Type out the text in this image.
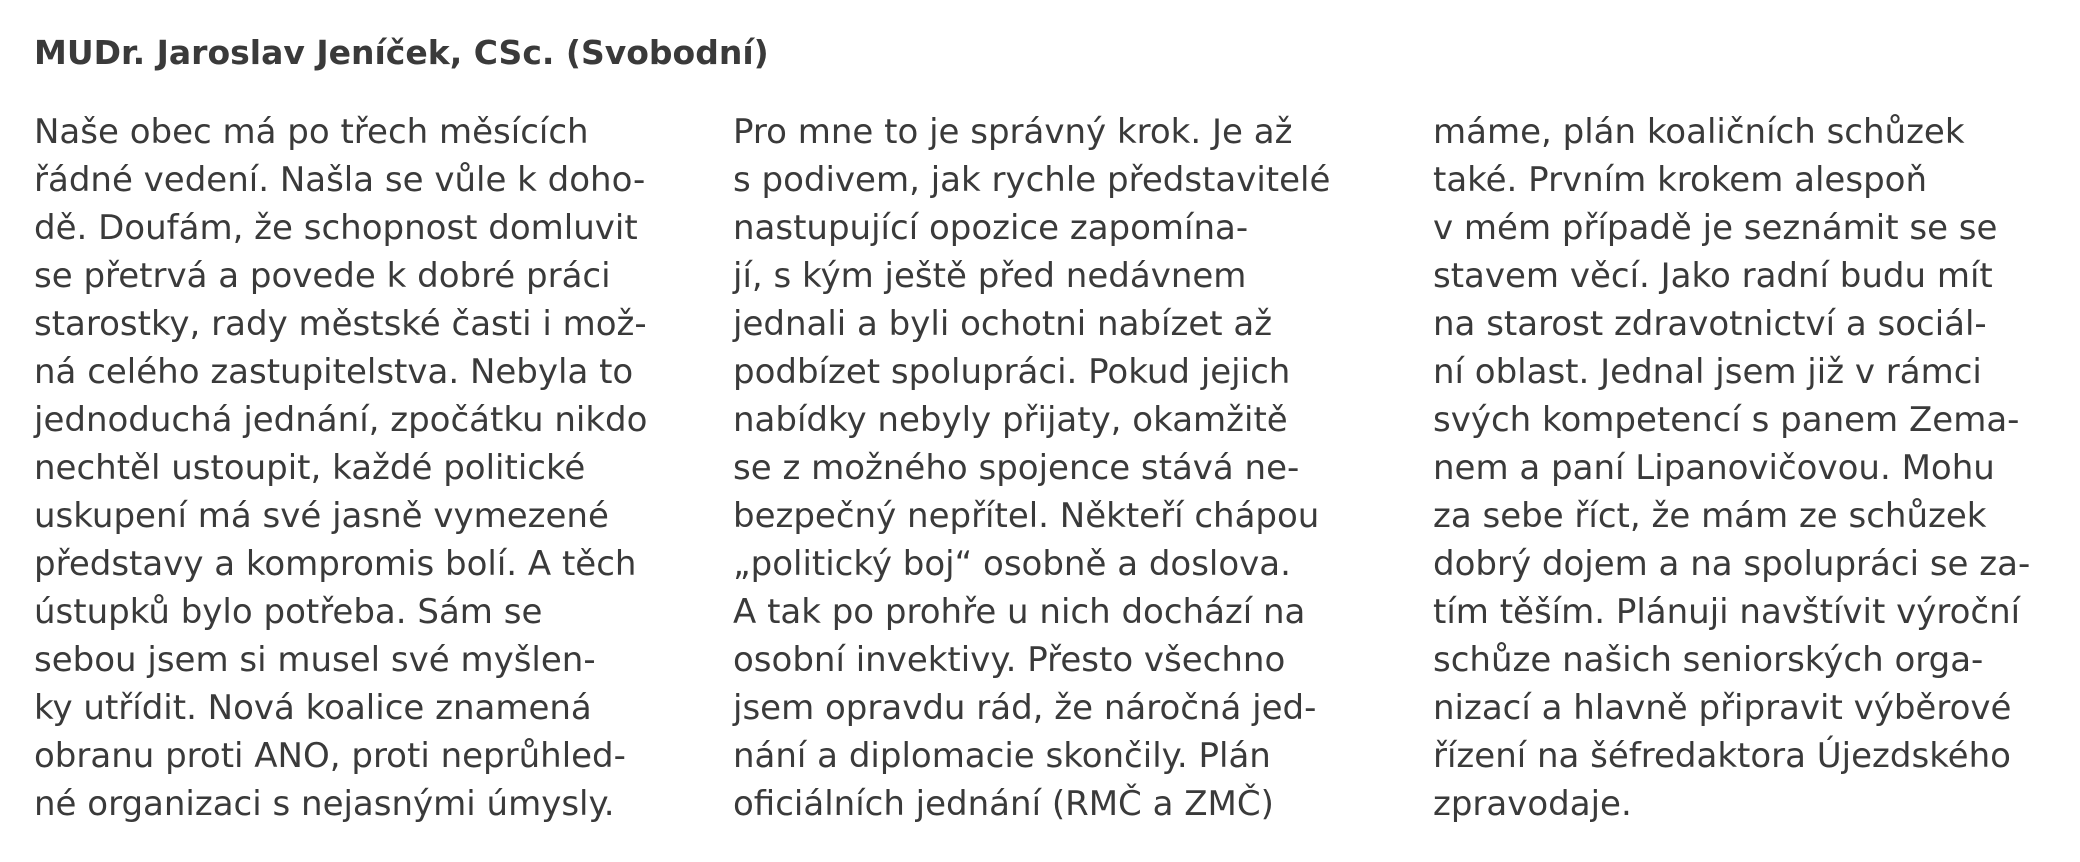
MUDr. Jaroslav Jeníček, CSc. (Svobodní)
Naše obec má po třech měsících
řádné vedení. Našla se vůle k doho-
dě. Doufám, že schopnost domluvit
se přetrvá a povede k dobré práci
starostky, rady městské časti i mož-
ná celého zastupitelstva. Nebyla to
jednoduchá jednání, zpočátku nikdo
nechtěl ustoupit, každé politické
uskupení má své jasně vymezené
představy a kompromis bolí. A těch
ústupků bylo potřeba. Sám se
sebou jsem si musel své myšlen-
ky utřídit. Nová koalice znamená
obranu proti ANO, proti neprůhled-
né organizaci s nejasnými úmysly.
Pro mne to je správný krok. Je až
s podivem, jak rychle představitelé
nastupující opozice zapomína-
jí, s kým ještě před nedávnem
jednali a byli ochotni nabízet až
podbízet spolupráci. Pokud jejich
nabídky nebyly přijaty, okamžitě
se z možného spojence stává ne-
bezpečný nepřítel. Někteří chápou
„politický boj“ osobně a doslova.
A tak po prohře u nich dochází na
osobní invektivy. Přesto všechno
jsem opravdu rád, že náročná jed-
nání a diplomacie skončily. Plán
oficiálních jednání (RMČ a ZMČ)
máme, plán koaličních schůzek
také. Prvním krokem alespoň
v mém případě je seznámit se se
stavem věcí. Jako radní budu mít
na starost zdravotnictví a sociál-
ní oblast. Jednal jsem již v rámci
svých kompetencí s panem Zema-
nem a paní Lipanovičovou. Mohu
za sebe říct, že mám ze schůzek
dobrý dojem a na spolupráci se za-
tím těším. Plánuji navštívit výroční
schůze našich seniorských orga-
nizací a hlavně připravit výběrové
řízení na šéfredaktora Újezdského
zpravodaje.
